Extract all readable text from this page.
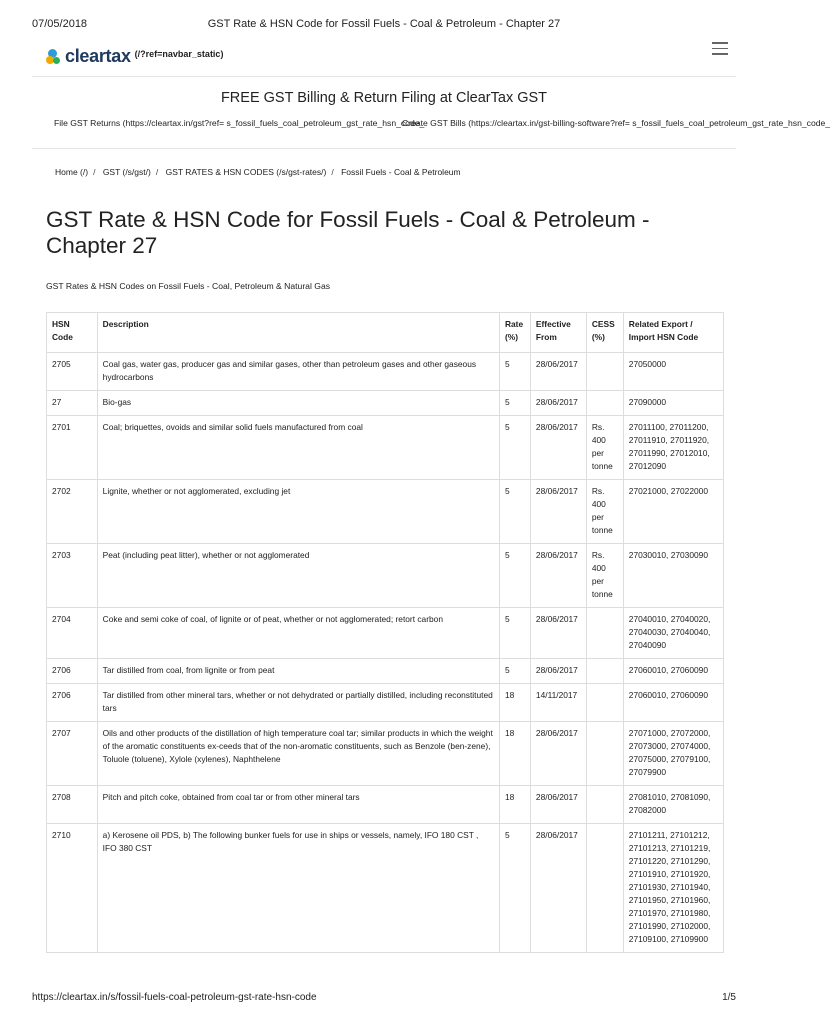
07/05/2018	GST Rate & HSN Code for Fossil Fuels - Coal & Petroleum - Chapter 27
cleartax (/?ref=navbar_static)
FREE GST Billing & Return Filing at ClearTax GST
File GST Returns (https://cleartax.in/gst?ref= s_fossil_fuels_coal_petroleum_gst_rate_hsn_code_
Create GST Bills (https://cleartax.in/gst-billing-software?ref= s_fossil_fuels_coal_petroleum_gst_rate_hsn_code_
Home (/) / GST (/s/gst/) / GST RATES & HSN CODES (/s/gst-rates/) / Fossil Fuels - Coal & Petroleum
GST Rate & HSN Code for Fossil Fuels - Coal & Petroleum - Chapter 27
GST Rates & HSN Codes on Fossil Fuels - Coal, Petroleum & Natural Gas
HSN Code	Description	Rate (%)	Effective From	CESS (%)	Related Export / Import HSN Code
2705	Coal gas, water gas, producer gas and similar gases, other than petroleum gases and other gaseous hydrocarbons	5	28/06/2017		27050000
27	Bio-gas	5	28/06/2017		27090000
2701	Coal; briquettes, ovoids and similar solid fuels manufactured from coal	5	28/06/2017	Rs. 400 per tonne	27011100, 27011200, 27011910, 27011920, 27011990, 27012010, 27012090
2702	Lignite, whether or not agglomerated, excluding jet	5	28/06/2017	Rs. 400 per tonne	27021000, 27022000
2703	Peat (including peat litter), whether or not agglomerated	5	28/06/2017	Rs. 400 per tonne	27030010, 27030090
2704	Coke and semi coke of coal, of lignite or of peat, whether or not agglomerated; retort carbon	5	28/06/2017		27040010, 27040020, 27040030, 27040040, 27040090
2706	Tar distilled from coal, from lignite or from peat	5	28/06/2017		27060010, 27060090
2706	Tar distilled from other mineral tars, whether or not dehydrated or partially distilled, including reconstituted tars	18	14/11/2017		27060010, 27060090
2707	Oils and other products of the distillation of high temperature coal tar; similar products in which the weight of the aromatic constituents ex-ceeds that of the non-aromatic constituents, such as Benzole (ben-zene), Toluole (toluene), Xylole (xylenes), Naphthelene	18	28/06/2017		27071000, 27072000, 27073000, 27074000, 27075000, 27079100, 27079900
2708	Pitch and pitch coke, obtained from coal tar or from other mineral tars	18	28/06/2017		27081010, 27081090, 27082000
2710	a) Kerosene oil PDS, b) The following bunker fuels for use in ships or vessels, namely, IFO 180 CST , IFO 380 CST	5	28/06/2017		27101211, 27101212, 27101213, 27101219, 27101220, 27101290, 27101910, 27101920, 27101930, 27101940, 27101950, 27101960, 27101970, 27101980, 27101990, 27102000, 27109100, 27109900
https://cleartax.in/s/fossil-fuels-coal-petroleum-gst-rate-hsn-code	1/5
